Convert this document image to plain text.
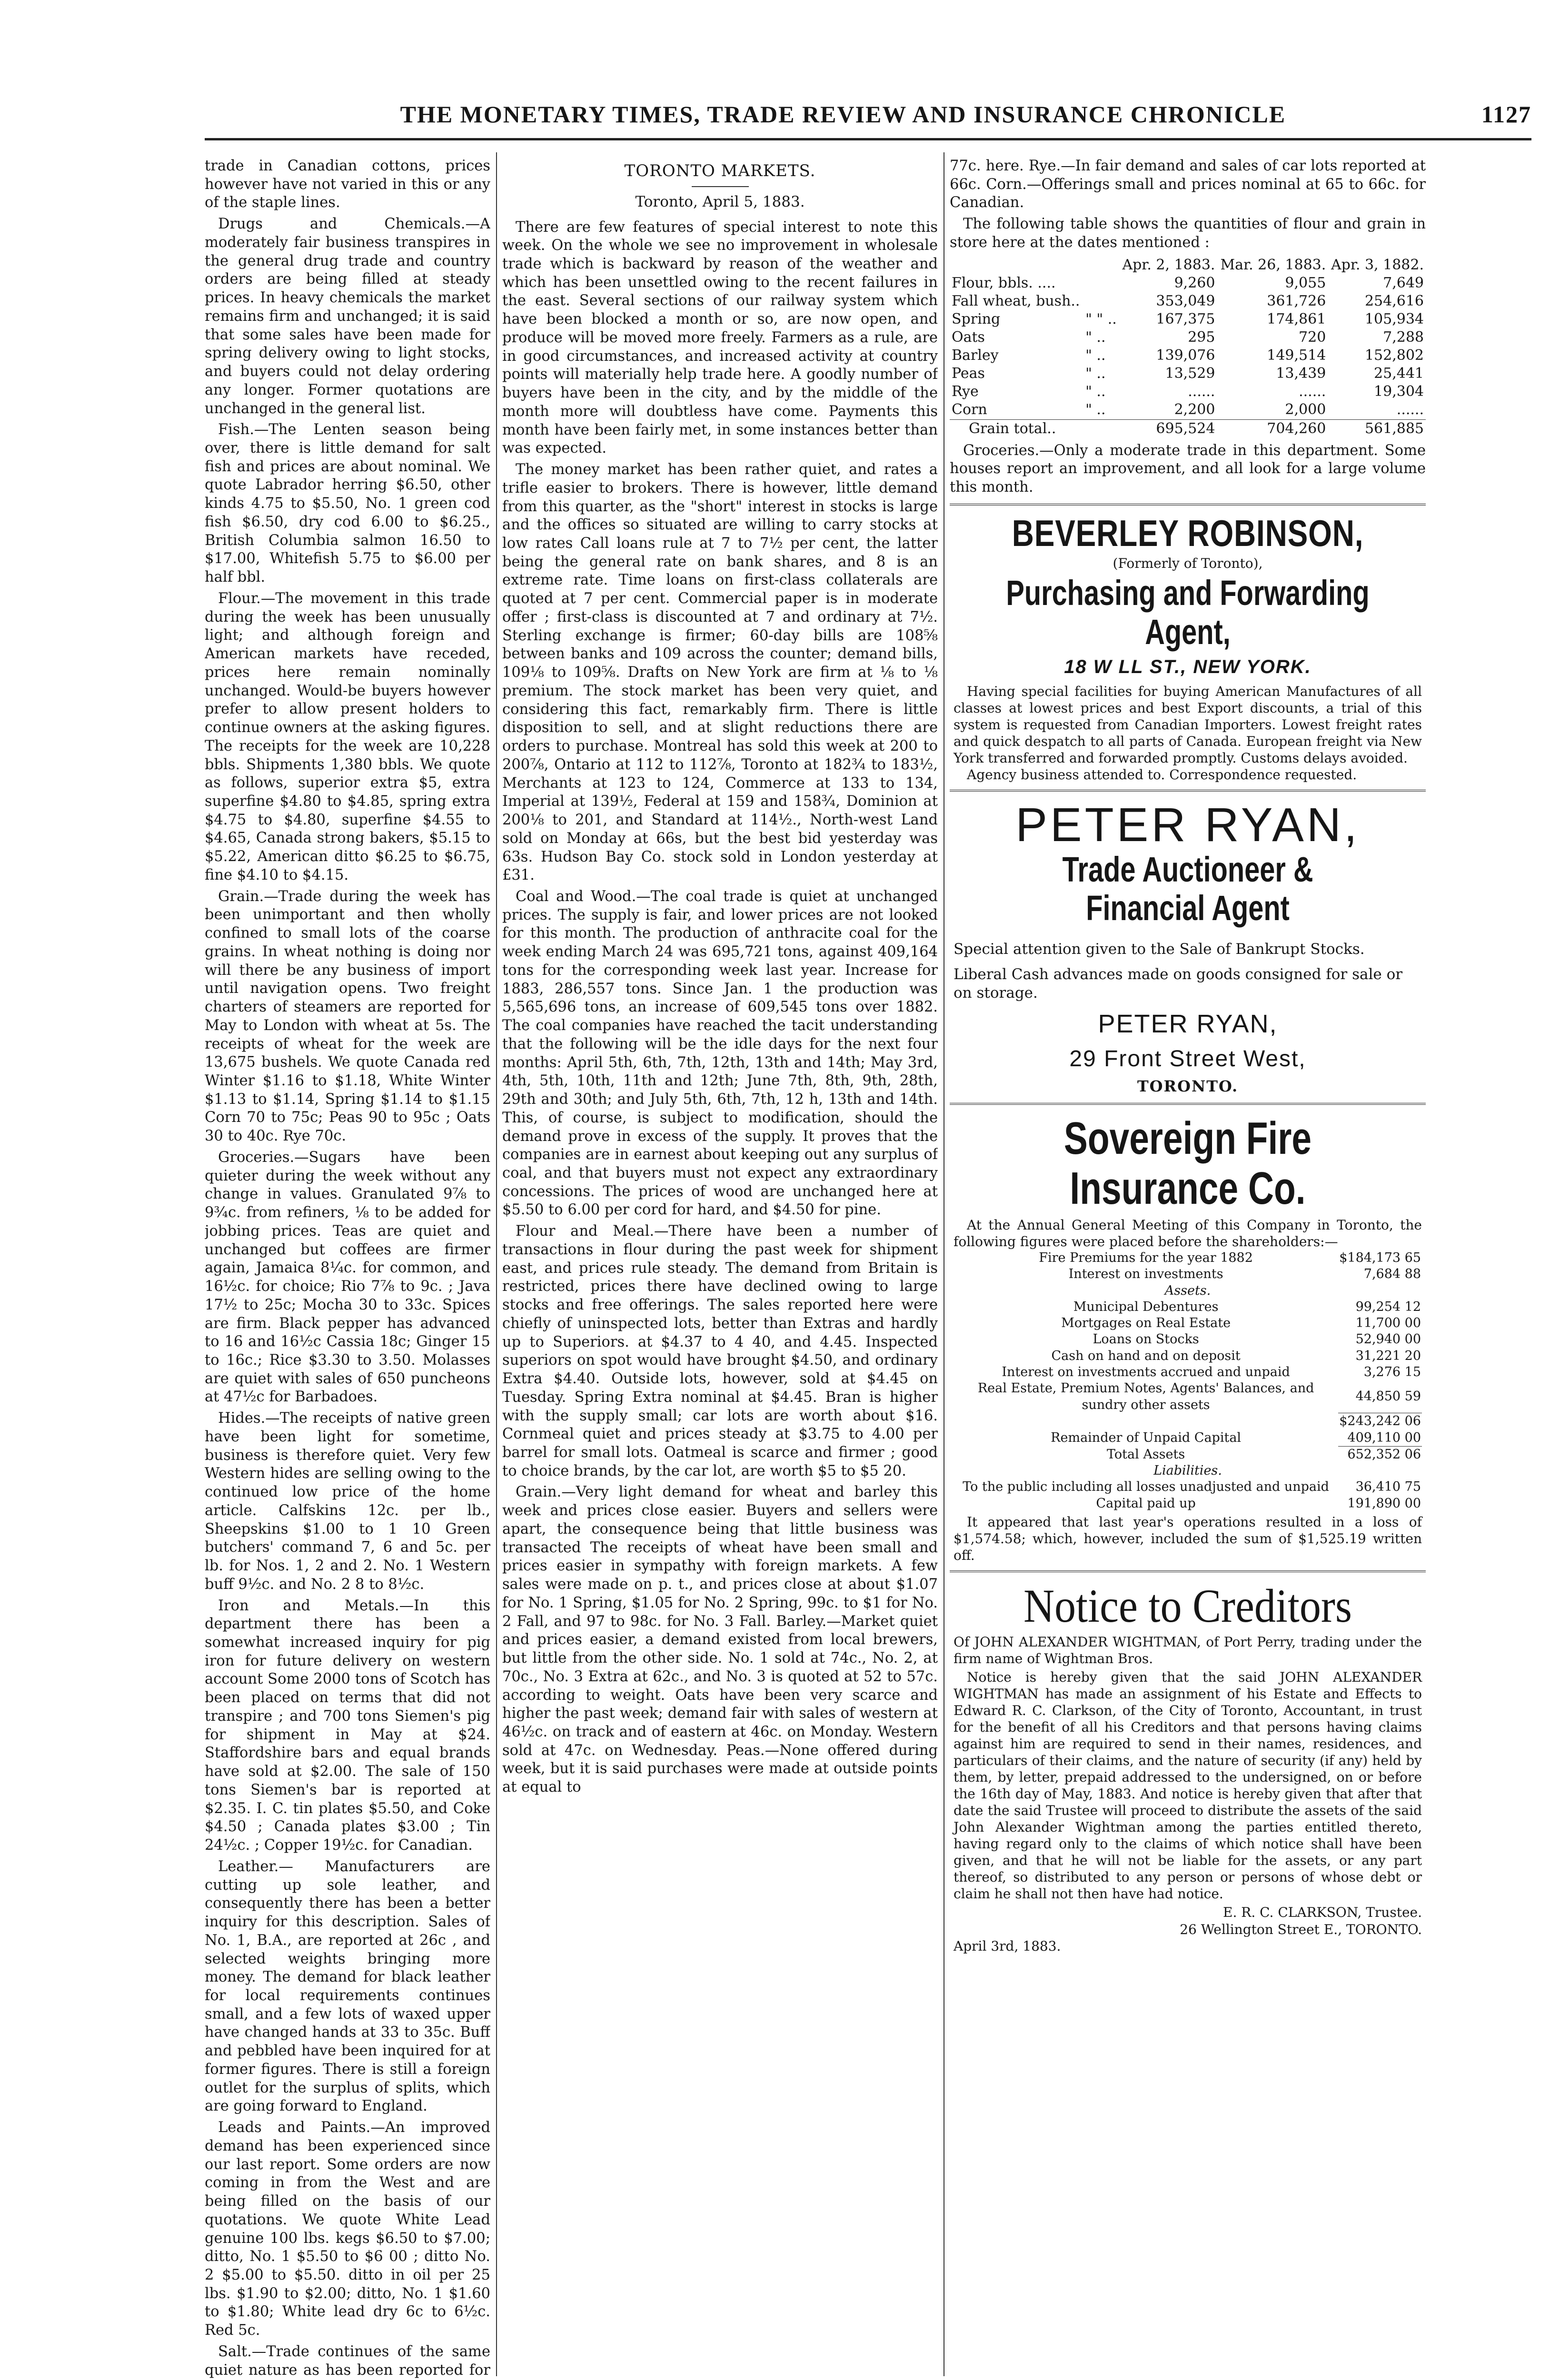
THE MONETARY TIMES, TRADE REVIEW AND INSURANCE CHRONICLE	1127

trade in Canadian cottons, prices however have not varied in this or any of the staple lines.

Drugs and Chemicals.—A moderately fair business transpires in the general drug trade and country orders are being filled at steady prices. In heavy chemicals the market remains firm and unchanged; it is said that some sales have been made for spring delivery owing to light stocks, and buyers could not delay ordering any longer. Former quotations are unchanged in the general list.

Fish.—The Lenten season being over, there is little demand for salt fish and prices are about nominal. We quote Labrador herring $6.50, other kinds 4.75 to $5.50, No. 1 green cod fish $6.50, dry cod 6.00 to $6.25., British Columbia salmon 16.50 to $17.00, Whitefish 5.75 to $6.00 per half bbl.

Flour.—The movement in this trade during the week has been unusually light; and although foreign and American markets have receded, prices here remain nominally unchanged. Would-be buyers however prefer to allow present holders to continue owners at the asking figures. The receipts for the week are 10,228 bbls. Shipments 1,380 bbls. We quote as follows, superior extra $5, extra superfine $4.80 to $4.85, spring extra $4.75 to $4.80, superfine $4.55 to $4.65, Canada strong bakers, $5.15 to $5.22, American ditto $6.25 to $6.75, fine $4.10 to $4.15.

Grain.—Trade during the week has been unimportant and then wholly confined to small lots of the coarse grains. In wheat nothing is doing nor will there be any business of import until navigation opens. Two freight charters of steamers are reported for May to London with wheat at 5s. The receipts of wheat for the week are 13,675 bushels. We quote Canada red Winter $1.16 to $1.18, White Winter $1.13 to $1.14, Spring $1.14 to $1.15 Corn 70 to 75c; Peas 90 to 95c ; Oats 30 to 40c. Rye 70c.

Groceries.—Sugars have been quieter during the week without any change in values. Granulated 9⅞ to 9¾c. from refiners, ⅛ to be added for jobbing prices. Teas are quiet and unchanged but coffees are firmer again, Jamaica 8¼c. for common, and 16½c. for choice; Rio 7⅞ to 9c. ; Java 17½ to 25c; Mocha 30 to 33c. Spices are firm. Black pepper has advanced to 16 and 16½c Cassia 18c; Ginger 15 to 16c.; Rice $3.30 to 3.50. Molasses are quiet with sales of 650 puncheons at 47½c for Barbadoes.

Hides.—The receipts of native green have been light for sometime, business is therefore quiet. Very few Western hides are selling owing to the continued low price of the home article. Calfskins 12c. per lb., Sheepskins $1.00 to 1 10 Green butchers' command 7, 6 and 5c. per lb. for Nos. 1, 2 and 2. No. 1 Western buff 9½c. and No. 2 8 to 8½c.

Iron and Metals.—In this department there has been a somewhat increased inquiry for pig iron for future delivery on western account Some 2000 tons of Scotch has been placed on terms that did not transpire ; and 700 tons Siemen's pig for shipment in May at $24. Staffordshire bars and equal brands have sold at $2.00. The sale of 150 tons Siemen's bar is reported at $2.35. I. C. tin plates $5.50, and Coke $4.50 ; Canada plates $3.00 ; Tin 24½c. ; Copper 19½c. for Canadian.

Leather.— Manufacturers are cutting up sole leather, and consequently there has been a better inquiry for this description. Sales of No. 1, B.A., are reported at 26c , and selected weights bringing more money. The demand for black leather for local requirements continues small, and a few lots of waxed upper have changed hands at 33 to 35c. Buff and pebbled have been inquired for at former figures. There is still a foreign outlet for the surplus of splits, which are going forward to England.

Leads and Paints.—An improved demand has been experienced since our last report. Some orders are now coming in from the West and are being filled on the basis of our quotations. We quote White Lead genuine 100 lbs. kegs $6.50 to $7.00; ditto, No. 1 $5.50 to $6 00 ; ditto No. 2 $5.00 to $5.50. ditto in oil per 25 lbs. $1.90 to $2.00; ditto, No. 1 $1.60 to $1.80; White lead dry 6c to 6½c. Red 5c.

Salt.—Trade continues of the same quiet nature as has been reported for

TORONTO MARKETS.
Toronto, April 5, 1883.

There are few features of special interest to note this week. On the whole we see no improvement in wholesale trade which is backward by reason of the weather and which has been unsettled owing to the recent failures in the east. Several sections of our railway system which have been blocked a month or so, are now open, and produce will be moved more freely. Farmers as a rule, are in good circumstances, and increased activity at country points will materially help trade here. A goodly number of buyers have been in the city, and by the middle of the month more will doubtless have come. Payments this month have been fairly met, in some instances better than was expected.

The money market has been rather quiet, and rates a trifle easier to brokers. There is however, little demand from this quarter, as the "short" interest in stocks is large and the offices so situated are willing to carry stocks at low rates Call loans rule at 7 to 7½ per cent, the latter being the general rate on bank shares, and 8 is an extreme rate. Time loans on first-class collaterals are quoted at 7 per cent. Commercial paper is in moderate offer ; first-class is discounted at 7 and ordinary at 7½. Sterling exchange is firmer; 60-day bills are 108⅝ between banks and 109 across the counter; demand bills, 109⅛ to 109⅝. Drafts on New York are firm at ⅛ to ⅛ premium. The stock market has been very quiet, and considering this fact, remarkably firm. There is little disposition to sell, and at slight reductions there are orders to purchase. Montreal has sold this week at 200 to 200⅞, Ontario at 112 to 112⅞, Toronto at 182¾ to 183½, Merchants at 123 to 124, Commerce at 133 to 134, Imperial at 139½, Federal at 159 and 158¾, Dominion at 200⅛ to 201, and Standard at 114½., North-west Land sold on Monday at 66s, but the best bid yesterday was 63s. Hudson Bay Co. stock sold in London yesterday at £31.

Coal and Wood.—The coal trade is quiet at unchanged prices. The supply is fair, and lower prices are not looked for this month. The production of anthracite coal for the week ending March 24 was 695,721 tons, against 409,164 tons for the corresponding week last year. Increase for 1883, 286,557 tons. Since Jan. 1 the production was 5,565,696 tons, an increase of 609,545 tons over 1882. The coal companies have reached the tacit understanding that the following will be the idle days for the next four months: April 5th, 6th, 7th, 12th, 13th and 14th; May 3rd, 4th, 5th, 10th, 11th and 12th; June 7th, 8th, 9th, 28th, 29th and 30th; and July 5th, 6th, 7th, 12 h, 13th and 14th. This, of course, is subject to modification, should the demand prove in excess of the supply. It proves that the companies are in earnest about keeping out any surplus of coal, and that buyers must not expect any extraordinary concessions. The prices of wood are unchanged here at $5.50 to 6.00 per cord for hard, and $4.50 for pine.

Flour and Meal.—There have been a number of transactions in flour during the past week for shipment east, and prices rule steady. The demand from Britain is restricted, prices there have declined owing to large stocks and free offerings. The sales reported here were chiefly of uninspected lots, better than Extras and hardly up to Superiors. at $4.37 to 4 40, and 4.45. Inspected superiors on spot would have brought $4.50, and ordinary Extra $4.40. Outside lots, however, sold at $4.45 on Tuesday. Spring Extra nominal at $4.45. Bran is higher with the supply small; car lots are worth about $16. Cornmeal quiet and prices steady at $3.75 to 4.00 per barrel for small lots. Oatmeal is scarce and firmer ; good to choice brands, by the car lot, are worth $5 to $5 20.

Grain.—Very light demand for wheat and barley this week and prices close easier. Buyers and sellers were apart, the consequence being that little business was transacted The receipts of wheat have been small and prices easier in sympathy with foreign markets. A few sales were made on p. t., and prices close at about $1.07 for No. 1 Spring, $1.05 for No. 2 Spring, 99c. to $1 for No. 2 Fall, and 97 to 98c. for No. 3 Fall. Barley.—Market quiet and prices easier, a demand existed from local brewers, but little from the other side. No. 1 sold at 74c., No. 2, at 70c., No. 3 Extra at 62c., and No. 3 is quoted at 52 to 57c. according to weight. Oats have been very scarce and higher the past week; demand fair with sales of western at 46½c. on track and of eastern at 46c. on Monday. Western sold at 47c. on Wednesday. Peas.—None offered during week, but it is said purchases were made at outside points at equal to

77c. here. Rye.—In fair demand and sales of car lots reported at 66c. Corn.—Offerings small and prices nominal at 65 to 66c. for Canadian.

The following table shows the quantities of flour and grain in store here at the dates mentioned :

		Apr. 2, 1883.	Mar. 26, 1883.	Apr. 3, 1882.
Flour, bbls. ....		9,260	9,055	7,649
Fall wheat, bush..		353,049	361,726	254,616
Spring	" " ..	167,375	174,861	105,934
Oats	" ..	295	720	7,288
Barley	" ..	139,076	149,514	152,802
Peas	" ..	13,529	13,439	25,441
Rye	" ..	......	......	19,304
Corn	" ..	2,200	2,000	......
Grain total..		695,524	704,260	561,885

Groceries.—Only a moderate trade in this department. Some houses report an improvement, and all look for a large volume this month.

BEVERLEY ROBINSON,
(Formerly of Toronto),
Purchasing and Forwarding Agent,
18 W LL ST., NEW YORK.
Having special facilities for buying American Manufactures of all classes at lowest prices and best Export discounts, a trial of this system is requested from Canadian Importers. Lowest freight rates and quick despatch to all parts of Canada. European freight via New York transferred and forwarded promptly. Customs delays avoided.
Agency business attended to. Correspondence requested.
PETER RYAN,
Trade Auctioneer & Financial Agent
Special attention given to the Sale of Bankrupt Stocks.
Liberal Cash advances made on goods consigned for sale or on storage.
PETER RYAN,
29 Front Street West,
TORONTO.
Sovereign Fire Insurance Co.
At the Annual General Meeting of this Company in Toronto, the following figures were placed before the shareholders:—
Fire Premiums for the year 1882	$184,173 65
Interest on investments	7,684 88
Assets.	
Municipal Debentures	99,254 12
Mortgages on Real Estate	11,700 00
Loans on Stocks	52,940 00
Cash on hand and on deposit	31,221 20
Interest on investments accrued and unpaid	3,276 15
Real Estate, Premium Notes, Agents' Balances, and sundry other assets	44,850 59
	$243,242 06
Remainder of Unpaid Capital	409,110 00
Total Assets	652,352 06
Liabilities.	
To the public including all losses unadjusted and unpaid	36,410 75
Capital paid up	191,890 00
It appeared that last year's operations resulted in a loss of $1,574.58; which, however, included the sum of $1,525.19 written off.
Notice to Creditors
Of JOHN ALEXANDER WIGHTMAN, of Port Perry, trading under the firm name of Wightman Bros.
Notice is hereby given that the said JOHN ALEXANDER WIGHTMAN has made an assignment of his Estate and Effects to Edward R. C. Clarkson, of the City of Toronto, Accountant, in trust for the benefit of all his Creditors and that persons having claims against him are required to send in their names, residences, and particulars of their claims, and the nature of security (if any) held by them, by letter, prepaid addressed to the undersigned, on or before the 16th day of May, 1883. And notice is hereby given that after that date the said Trustee will proceed to distribute the assets of the said John Alexander Wightman among the parties entitled thereto, having regard only to the claims of which notice shall have been given, and that he will not be liable for the assets, or any part thereof, so distributed to any person or persons of whose debt or claim he shall not then have had notice.
E. R. C. CLARKSON, Trustee.
26 Wellington Street E., TORONTO.
April 3rd, 1883.
